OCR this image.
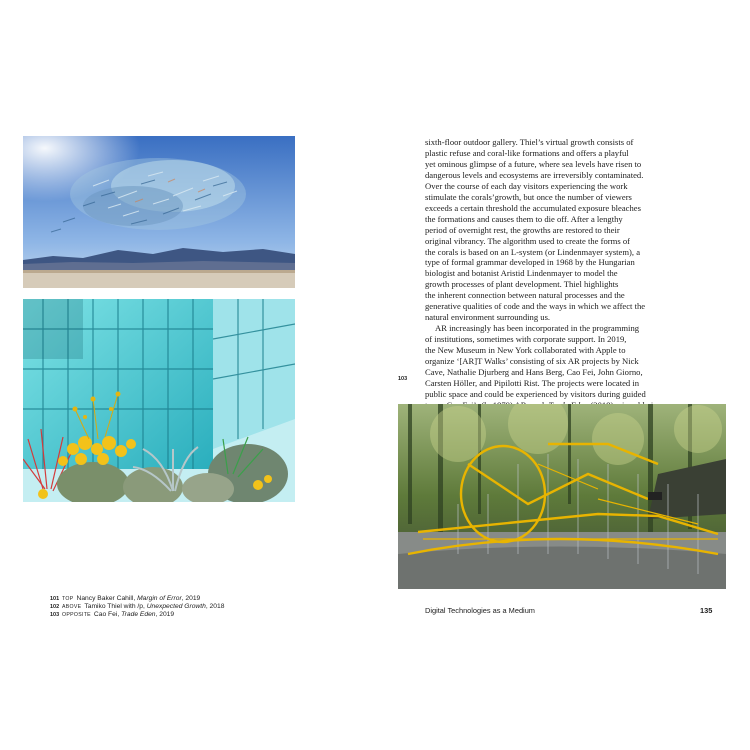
sixth-floor outdoor gallery. Thiel’s virtual growth consists of
plastic refuse and coral-like formations and offers a playful
yet ominous glimpse of a future, where sea levels have risen to
dangerous levels and ecosystems are irreversibly contaminated.
Over the course of each day visitors experiencing the work
stimulate the corals’growth, but once the number of viewers
exceeds a certain threshold the accumulated exposure bleaches
the formations and causes them to die off. After a lengthy
period of overnight rest, the growths are restored to their
original vibrancy. The algorithm used to create the forms of
the corals is based on an L-system (or Lindenmayer system), a
type of formal grammar developed in 1968 by the Hungarian
biologist and botanist Aristid Lindenmayer to model the
growth processes of plant development. Thiel highlights
the inherent connection between natural processes and the
generative qualities of code and the ways in which we affect the
natural environment surrounding us.
AR increasingly has been incorporated in the programming
of institutions, sometimes with corporate support. In 2019,
the New Museum in New York collaborated with Apple to
organize ‘[AR]T Walks’ consisting of six AR projects by Nick
Cave, Nathalie Djurberg and Hans Berg, Cao Fei, John Giorno,
Carsten Höller, and Pipilotti Rist. The projects were located in
public space and could be experienced by visitors during guided
103
101 TOP Nancy Baker Cahill, Margin of Error, 2019
102 ABOVE Tamiko Thiel with /p, Unexpected Growth, 2018
103 OPPOSITE Cao Fei, Trade Eden, 2019	Digital Technologies as a Medium	135
